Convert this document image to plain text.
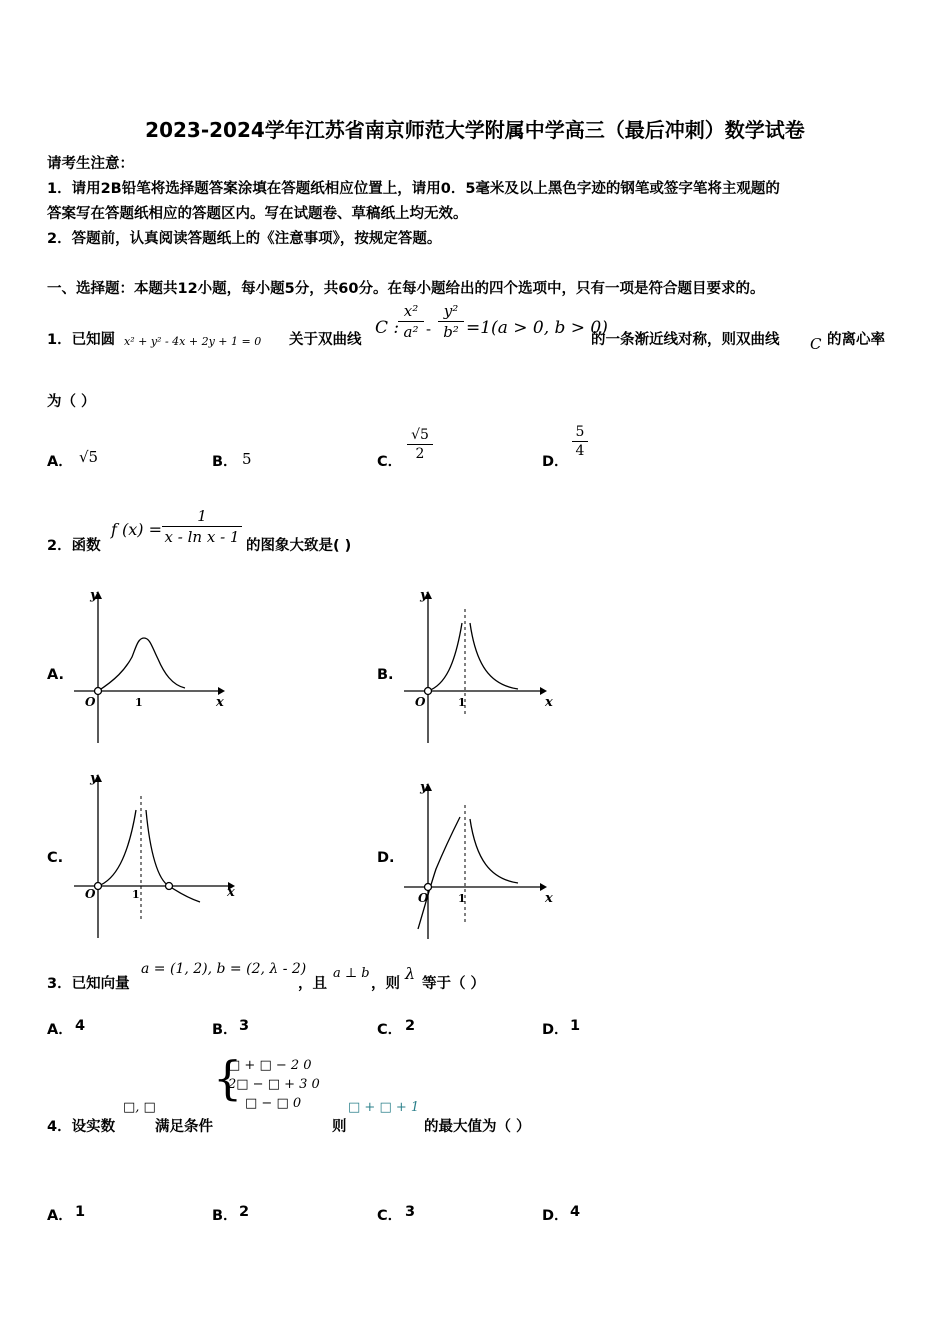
2023-2024学年江苏省南京师范大学附属中学高三（最后冲刺）数学试卷
请考生注意：
1．请用2B铅笔将选择题答案涂填在答题纸相应位置上，请用0．5毫米及以上黑色字迹的钢笔或签字笔将主观题的
答案写在答题纸相应的答题区内。写在试题卷、草稿纸上均无效。
2．答题前，认真阅读答题纸上的《注意事项》，按规定答题。
一、选择题：本题共12小题，每小题5分，共60分。在每小题给出的四个选项中，只有一项是符合题目要求的。
1．已知圆 x² + y² - 4x + 2y + 1 = 0 关于双曲线
C :
x²
a² -
y²
b² =1(a > 0, b > 0)
的一条渐近线对称，则双曲线 C 的离心率
为（ ）
A． √5	B． 5	C．
√5
2	D．
5
4
2．函数
f (x) =
1
x - ln x - 1 的图象大致是( )
A.
x
y
O	1
B.
x
y
O	1
C.
x
y
O	1
D.
x
y
O	1
3．已知向量
a = (1, 2), b = (2, λ - 2)
，且
a ⊥ b
，则
λ
等于（ ）
A． 4	B． 3	C． 2	D． 1
4．设实数
□, □
满足条件
{
□ + □ − 2 0
2□ − □ + 3 0
□ − □ 0
则
□ + □ + 1
的最大值为（ ）
A． 1	B． 2	C． 3	D． 4
